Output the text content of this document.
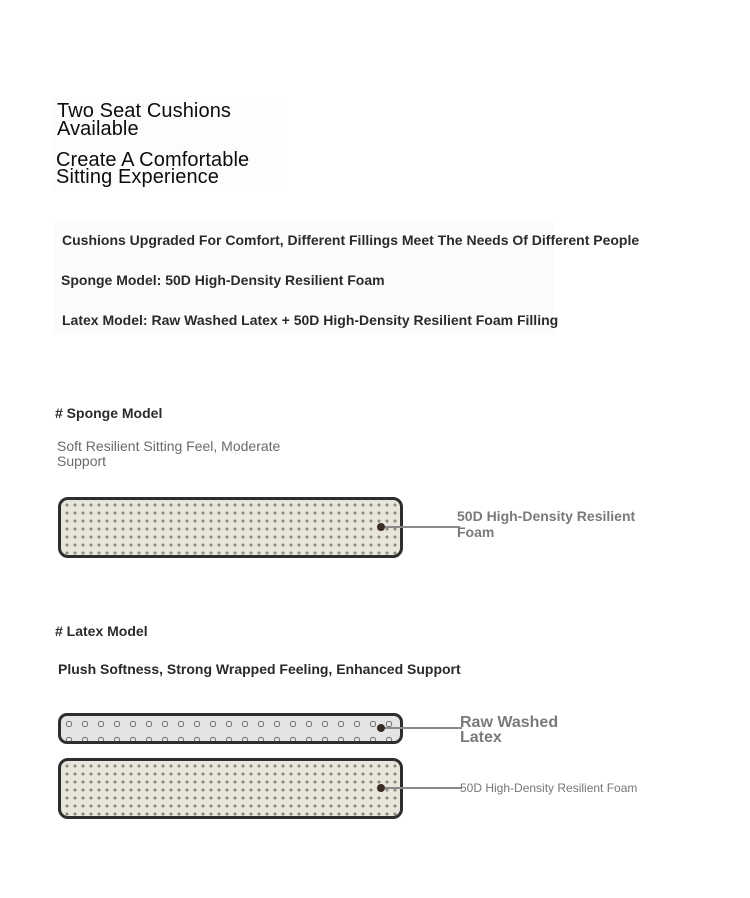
Two Seat Cushions
Available
Create A Comfortable
Sitting Experience
Cushions Upgraded For Comfort, Different Fillings Meet The Needs Of Different People
Sponge Model: 50D High-Density Resilient Foam
Latex Model: Raw Washed Latex + 50D High-Density Resilient Foam Filling
# Sponge Model
Soft Resilient Sitting Feel, Moderate
Support
50D High-Density Resilient
Foam
# Latex Model
Plush Softness, Strong Wrapped Feeling, Enhanced Support
Raw Washed
Latex
50D High-Density Resilient Foam
